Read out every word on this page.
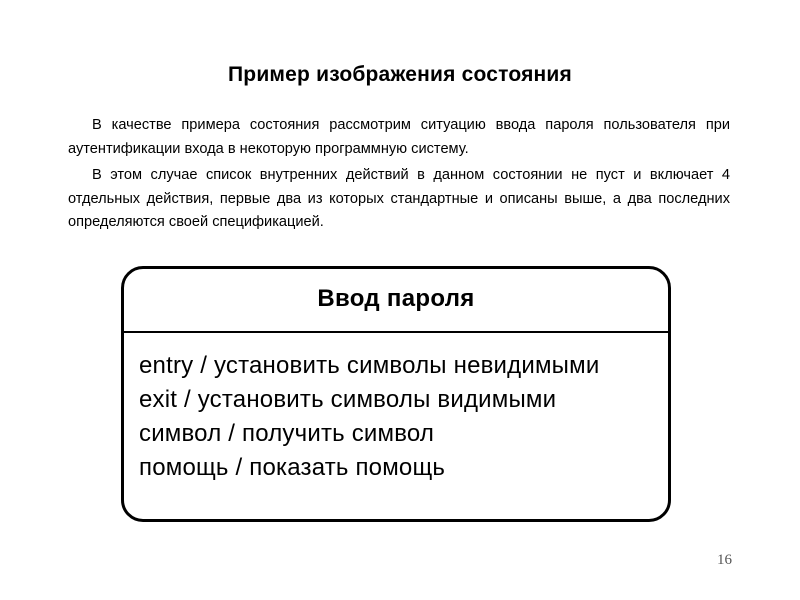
Пример изображения состояния

В качестве примера состояния рассмотрим ситуацию ввода пароля пользователя при аутентификации входа в некоторую программную систему.

В этом случае список внутренних действий в данном состоянии не пуст и включает 4 отдельных действия, первые два из которых стандартные и описаны выше, а два последних определяются своей спецификацией.

Ввод пароля
entry / установить символы невидимыми
exit / установить символы видимыми
символ / получить символ
помощь / показать помощь
16
